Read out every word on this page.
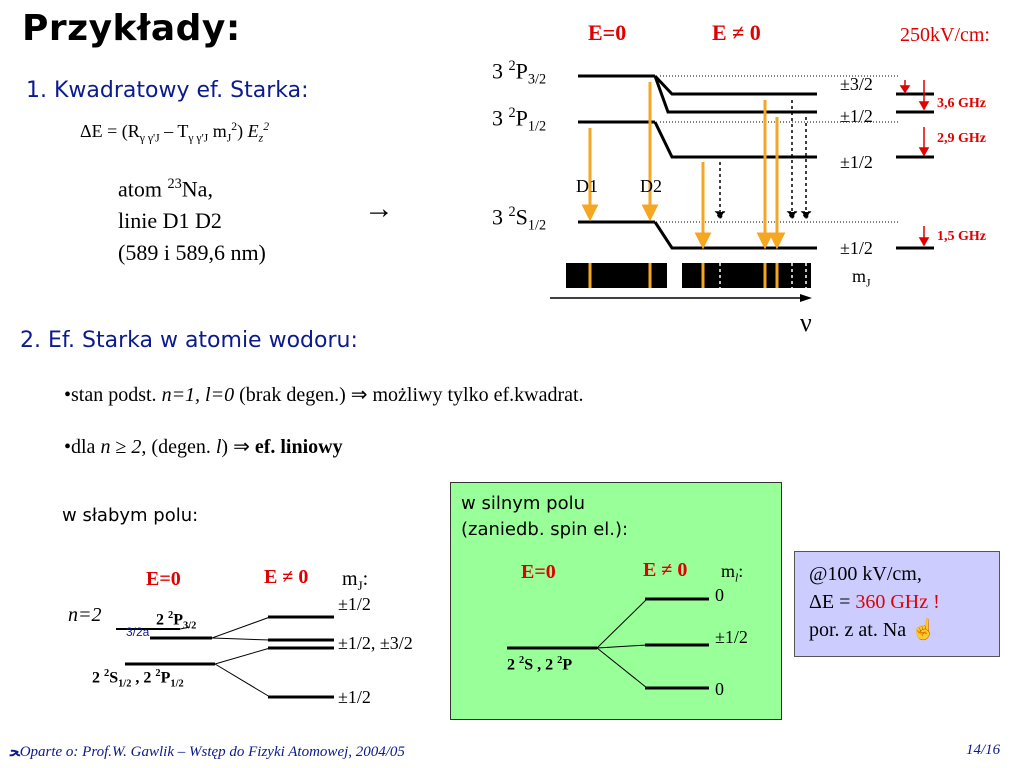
Przykłady:
1. Kwadratowy ef. Starka:
$\Delta E = (R_{\gamma \gamma'J} - T_{\gamma \gamma'J}$ $m_J^2$) $E_z^2$
atom $^{23}$Na,
linie D1 D2
(589 i 589,6 nm)
→
E=0	E ≠ 0	250kV/cm:
3 $^2P_{3/2}$
3 $^2P_{1/2}$
3 $^2S_{1/2}$
D1 D2
±3/2
±1/2
±1/2
±1/2
$m_J$
ν
3,6 GHz
2,9 GHz
1,5 GHz
2. Ef. Starka w atomie wodoru:
•stan podst. n=1, l=0 (brak degen.) ⇒ możliwy tylko ef.kwadrat.
•dla n ≥ 2, (degen. l) ⇒ ef. liniowy
w słabym polu:
E=0	E ≠ 0 $m_J$:
n=2	2 $^2P_{3/2}$
3/2a
2 $^2S_{1/2}$ , 2 $^2P_{1/2}$
±1/2
±1/2, ±3/2
±1/2
w silnym polu
(zaniedb. spin el.):
E=0	E ≠ 0 $m_l$:
2 $^2$S , 2 $^2$P
0
±1/2
0
@100 kV/cm,
ΔE = 360 GHz !
por. z at. Na ☝
ﺤOparte o: Prof.W. Gawlik – Wstęp do Fizyki Atomowej, 2004/05	14/16
